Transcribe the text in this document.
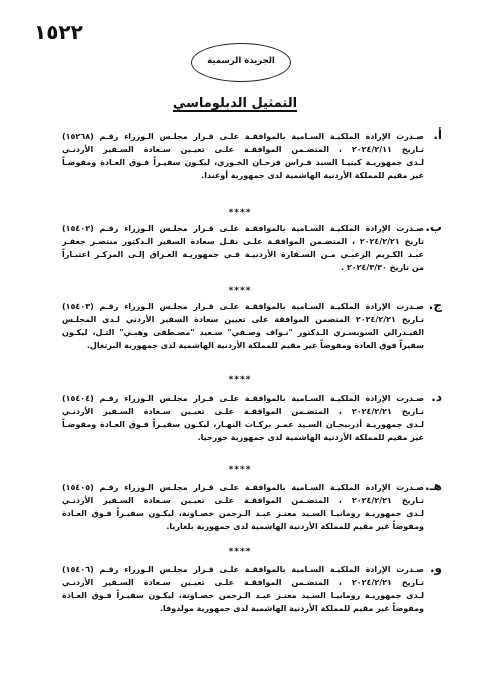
١٥٢٢
الجريدة الرسمية
التمثيل الدبلوماسي
أ.
صـدرت الإرادة الملكيـة السـامية بالموافقـة علـى قـرار مجلـس الـوزراء رقـم (١٥٢٦٨)
تـاريخ ٢٠٢٤/٢/١١ ، المتضـمن الموافقـة علـى تعيـين سـعادة السـفير الأردنـي
لـدى جمهوريـة كينيـا السيد فـراس فرحـان الخـوري، ليكـون سفيـراً فـوق العـادة ومفوضـاً
غير مقيم للمملكة الأردنية الهاشمية لدى جمهورية أوغندا.
****
ب.
صـدرت الإرادة الملكيـة السـامية بالموافقـة علـى قـرار مجلـس الـوزراء رقـم (١٥٤٠٢)
تاريخ ٢٠٢٤/٢/٢١ ، المتضـمن الموافقـة علـى نقـل سعادة السفير الـدكتور منتصـر جعفـر
عبـد الكـريم الزعبـي مـن السـفارة الأردنيـة فـي جمهوريـة العـراق إلـى المركـز اعتبـاراً
من تاريخ ٢٠٢٤/٣/٣٠ .
****
ج.
صـدرت الإرادة الملكيـة السـامية بالموافقـة علـى قـرار مجلـس الـوزراء رقـم (١٥٤٠٣)
تـاريخ ٢٠٢٤/٢/٢١ المتضمن الموافقة على تعيين سعادة السفير الأردني لـدى المجلـس
الفيـدرالي السويسـري الـدكتور "نـواف وصـفي" سـعيد "مصـطفى وهبـي" التـل، ليكـون
سفيراً فوق العادة ومفوضاً غير مقيم للمملكة الأردنية الهاشمية لدى جمهورية البرتغال.
****
د.
صـدرت الإرادة الملكيـة السـامية بالموافقـة علـى قـرار مجلـس الـوزراء رقـم (١٥٤٠٤)
تـاريخ ٢٠٢٤/٢/٢١ ، المتضـمن الموافقـة علـى تعيـين سـعادة السـفير الأردنـي
لـدى جمهوريـة أذربيجـان السـيد عمـر بركـات النهـار، ليكـون سفيـراً فـوق العـادة ومفوضـاً
غير مقيم للمملكة الأردنية الهاشمية لدى جمهورية جورجيا.
****
هـ.
صـدرت الإرادة الملكيـة السـامية بالموافقـة علـى قـرار مجلـس الـوزراء رقـم (١٥٤٠٥)
تـاريخ ٢٠٢٤/٢/٢١ ، المتضـمن الموافقـة علـى تعيـين سـعادة السـفير الأردنـي
لـدى جمهوريـة رومانيـا السـيد معتـز عبـد الـرحمن خصـاونة، ليكـون سفيـراً فـوق العـادة
ومفوضاً غير مقيم للمملكة الأردنية الهاشمية لدى جمهورية بلغاريا.
****
و.
صـدرت الإرادة الملكيـة السـامية بالموافقـة علـى قـرار مجلـس الـوزراء رقـم (١٥٤٠٦)
تـاريخ ٢٠٢٤/٢/٢١ ، المتضـمن الموافقـة علـى تعيـين سـعادة السـفير الأردنـي
لـدى جمهوريـة رومانيـا السـيد معتـز عبـد الـرحمن خصـاونة، ليكـون سفيـراً فـوق العـادة
ومفوضاً غير مقيم للمملكة الأردنية الهاشمية لدى جمهورية مولدوفا.
